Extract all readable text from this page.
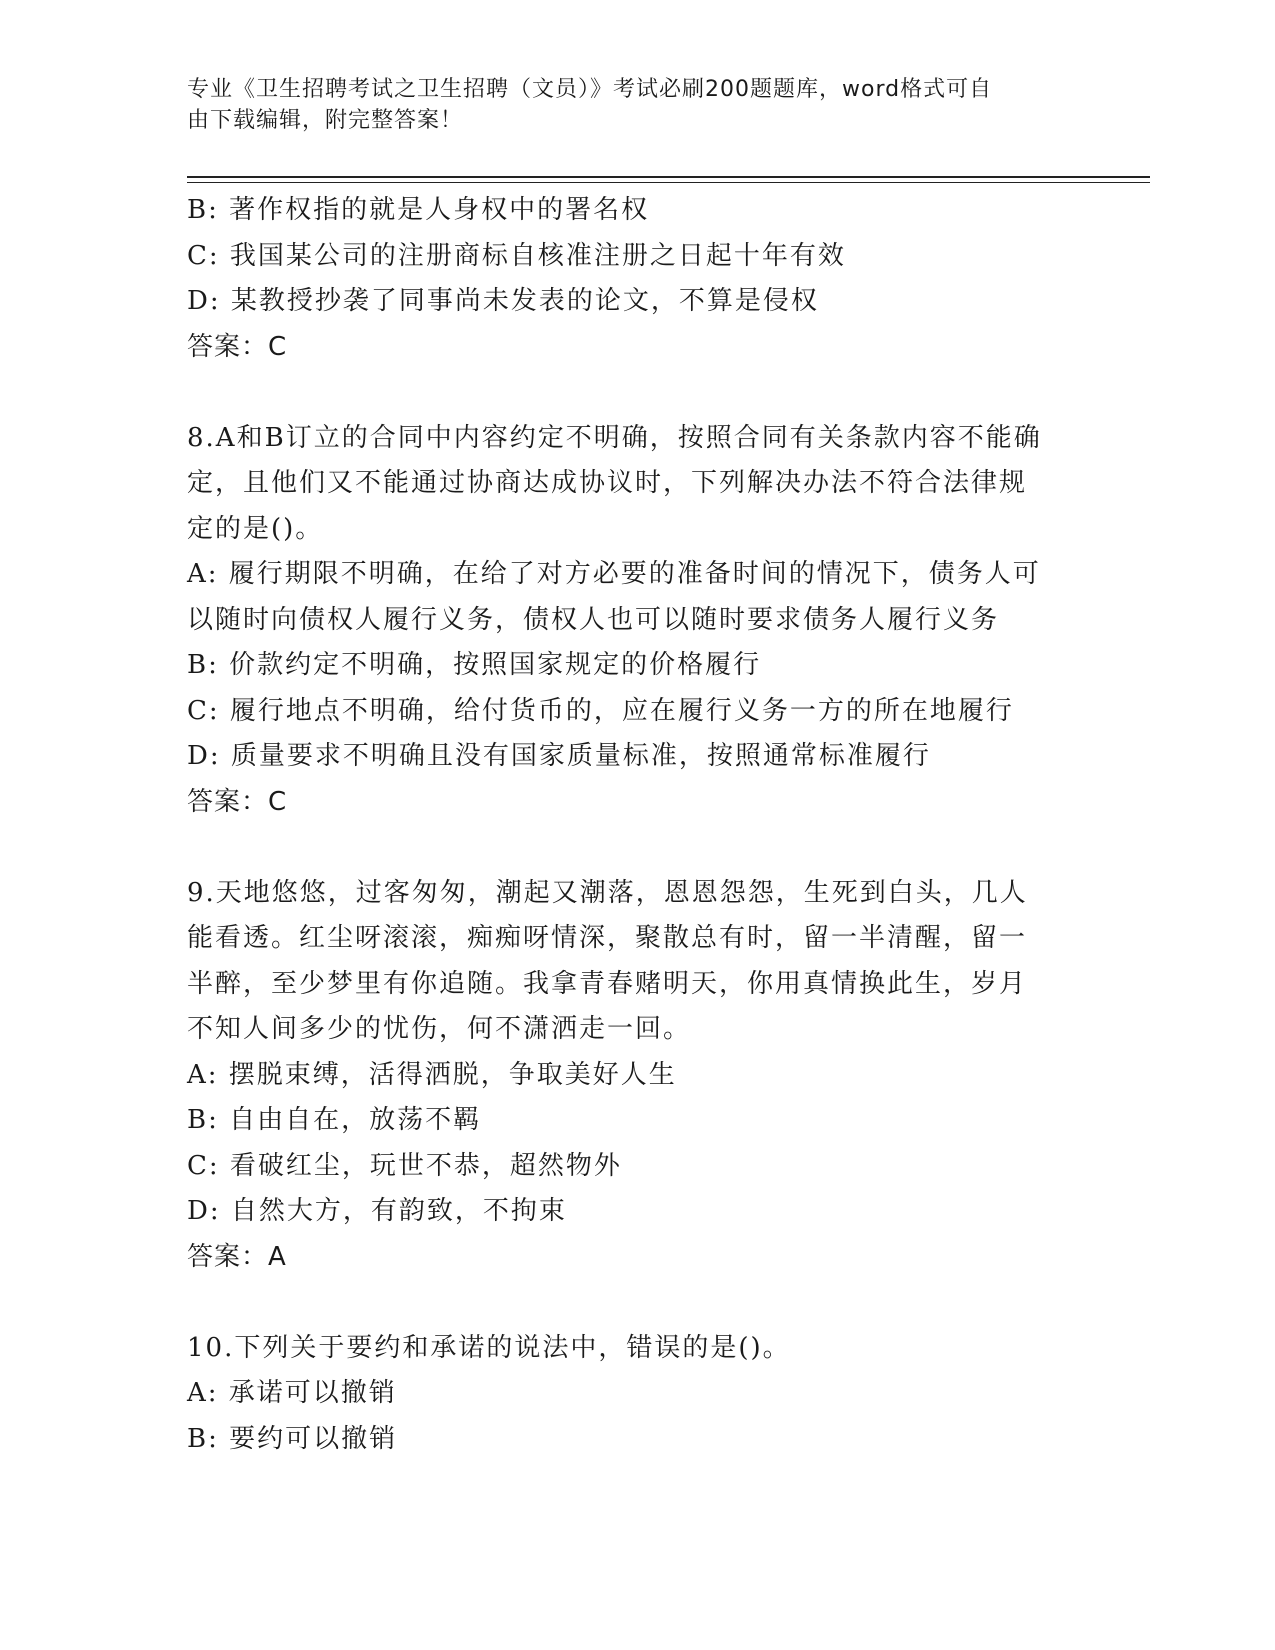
专业《卫生招聘考试之卫生招聘（文员）》考试必刷200题题库，word格式可自
由下载编辑，附完整答案！
B: 著作权指的就是人身权中的署名权
C: 我国某公司的注册商标自核准注册之日起十年有效
D: 某教授抄袭了同事尚未发表的论文，不算是侵权
答案：C
8.A和B订立的合同中内容约定不明确，按照合同有关条款内容不能确
定，且他们又不能通过协商达成协议时，下列解决办法不符合法律规
定的是()。
A: 履行期限不明确，在给了对方必要的准备时间的情况下，债务人可
以随时向债权人履行义务，债权人也可以随时要求债务人履行义务
B: 价款约定不明确，按照国家规定的价格履行
C: 履行地点不明确，给付货币的，应在履行义务一方的所在地履行
D: 质量要求不明确且没有国家质量标准，按照通常标准履行
答案：C
9.天地悠悠，过客匆匆，潮起又潮落，恩恩怨怨，生死到白头，几人
能看透。红尘呀滚滚，痴痴呀情深，聚散总有时，留一半清醒，留一
半醉，至少梦里有你追随。我拿青春赌明天，你用真情换此生，岁月
不知人间多少的忧伤，何不潇洒走一回。
A: 摆脱束缚，活得洒脱，争取美好人生
B: 自由自在，放荡不羁
C: 看破红尘，玩世不恭，超然物外
D: 自然大方，有韵致，不拘束
答案：A
10.下列关于要约和承诺的说法中，错误的是()。
A: 承诺可以撤销
B: 要约可以撤销
